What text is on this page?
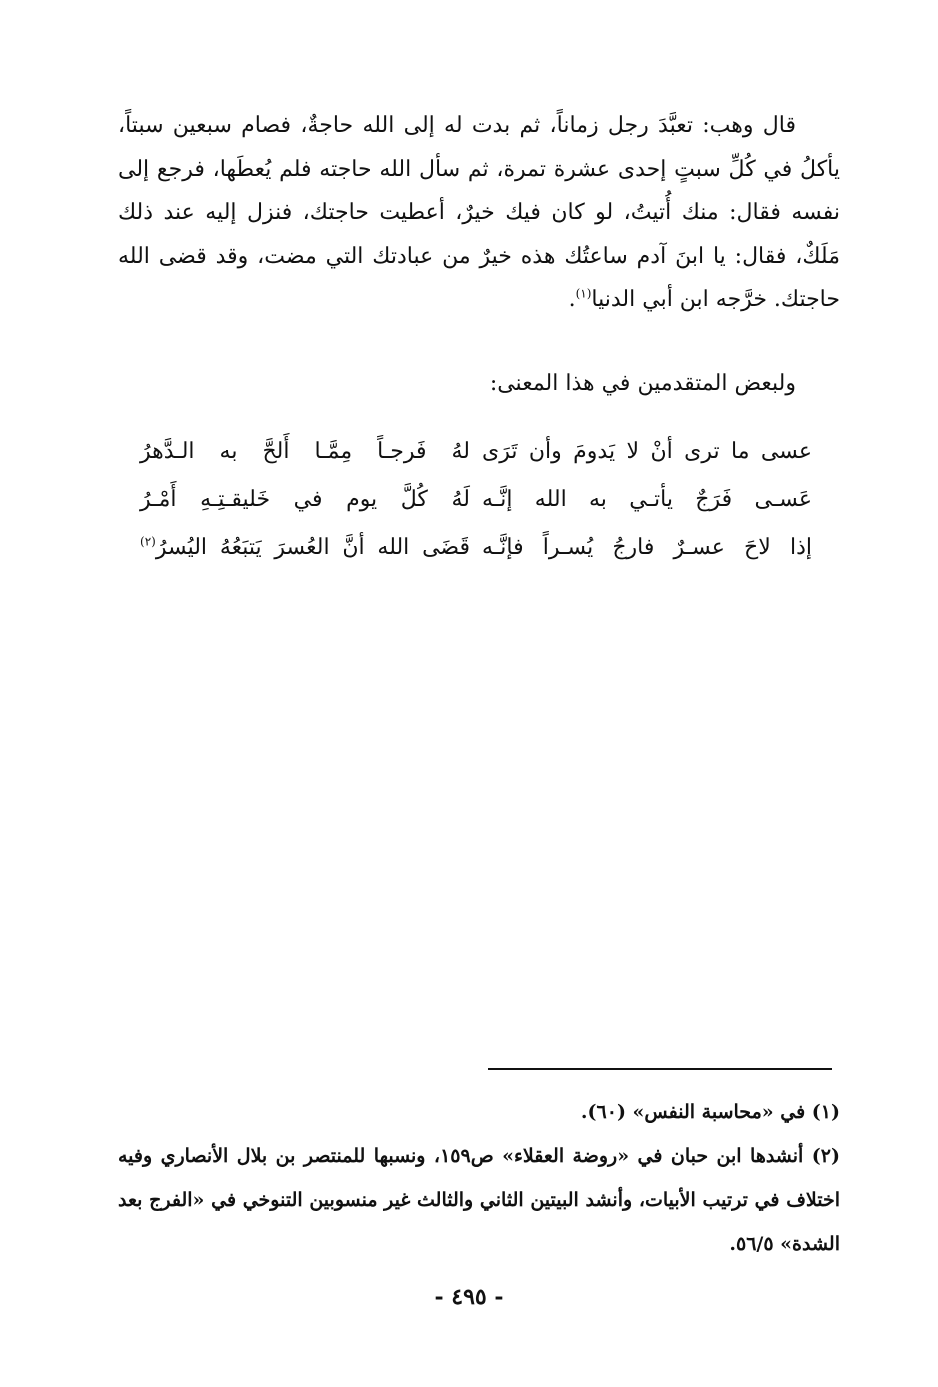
قال وهب: تعبَّدَ رجل زماناً، ثم بدت له إلى الله حاجةٌ، فصام سبعين سبتاً، يأكلُ في كُلِّ سبتٍ إحدى عشرة تمرة، ثم سأل الله حاجته فلم يُعطَها، فرجع إلى نفسه فقال: منك أُتيتُ، لو كان فيك خيرٌ، أعطيت حاجتك، فنزل إليه عند ذلك مَلَكٌ، فقال: يا ابنَ آدم ساعتُك هذه خيرٌ من عبادتك التي مضت، وقد قضى الله حاجتك. خرَّجه ابن أبي الدنيا$^{(١)}$.

ولبعض المتقدمين في هذا المعنى:
عسى ما ترى أنْ لا يَدومَ وأن تَرَى
لهُ فَرجـاً مِمَّـا أَلحَّ به الـدَّهرُ
عَسـى فَرَجٌ يأتـي به الله إنَّـه
لَهُ كُلَّ يوم في خَليقـتِـهِ أَمْـرُ
إذا لاحَ عسـرٌ فارجُ يُسـراً فإنَّـه
قَضَى الله أنَّ العُسرَ يَتبَعُهُ اليُسرُ$^{(٢)}$

(١) في «محاسبة النفس» (٦٠).

(٢) أنشدها ابن حبان في «روضة العقلاء» ص١٥٩، ونسبها للمنتصر بن بلال الأنصاري وفيه اختلاف في ترتيب الأبيات، وأنشد البيتين الثاني والثالث غير منسوبين التنوخي في «الفرج بعد الشدة» ٥٦/٥.

- ٤٩٥ -
